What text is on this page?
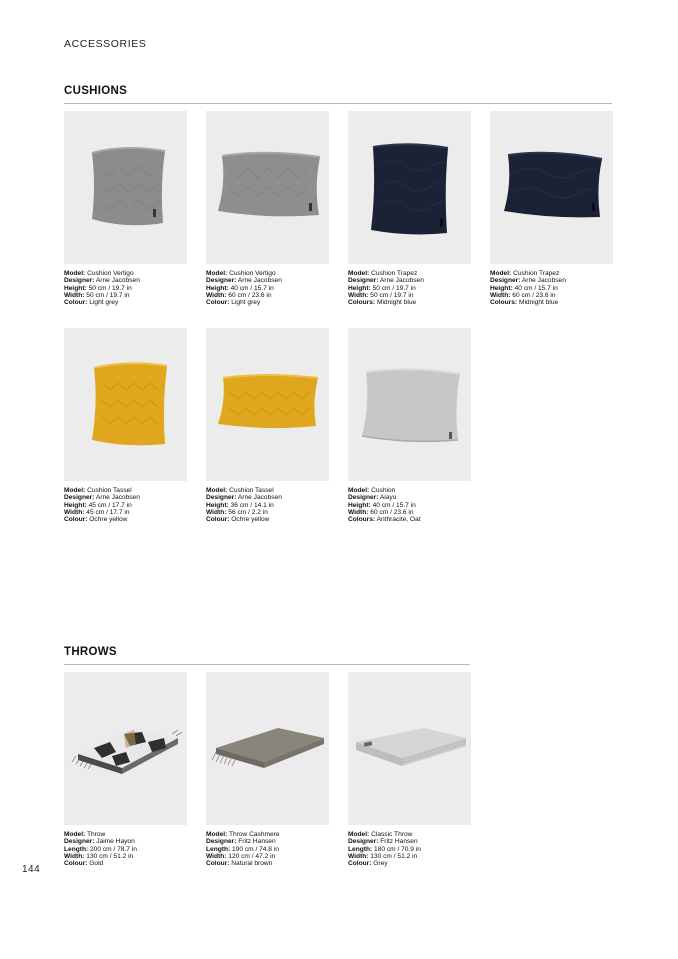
ACCESSORIES
CUSHIONS
Model: Cushion Vertigo
Designer: Arne Jacobsen
Height: 50 cm / 19.7 in
Width: 50 cm / 19.7 in
Colour: Light grey
Model: Cushion Vertigo
Designer: Arne Jacobsen
Height: 40 cm / 15.7 in
Width: 60 cm / 23.6 in
Colour: Light grey
Model: Cushion Trapez
Designer: Arne Jacobsen
Height: 50 cm / 19.7 in
Width: 50 cm / 19.7 in
Colours: Midnight blue
Model: Cushion Trapez
Designer: Arne Jacobsen
Height: 40 cm / 15.7 in
Width: 60 cm / 23.6 in
Colours: Midnight blue
Model: Cushion Tassel
Designer: Arne Jacobsen
Height: 45 cm / 17.7 in
Width: 45 cm / 17.7 in
Colour: Ochre yellow
Model: Cushion Tassel
Designer: Arne Jacobsen
Height: 36 cm / 14.1 in
Width: 56 cm / 2.2 in
Colour: Ochre yellow
Model: Cushion
Designer: Aiayu
Height: 40 cm / 15.7 in
Width: 60 cm / 23.6 in
Colours: Anthracite, Oat
THROWS
Model: Throw
Designer: Jaime Hayon
Length: 200 cm / 78.7 in
Width: 130 cm / 51.2 in
Colour: Gold
Model: Throw Cashmere
Designer: Fritz Hansen
Length: 190 cm / 74.8 in
Width: 120 cm / 47.2 in
Colour: Natural brown
Model: Classic Throw
Designer: Fritz Hansen
Length: 180 cm / 70.9 in
Width: 130 cm / 51.2 in
Colour: Grey
144
